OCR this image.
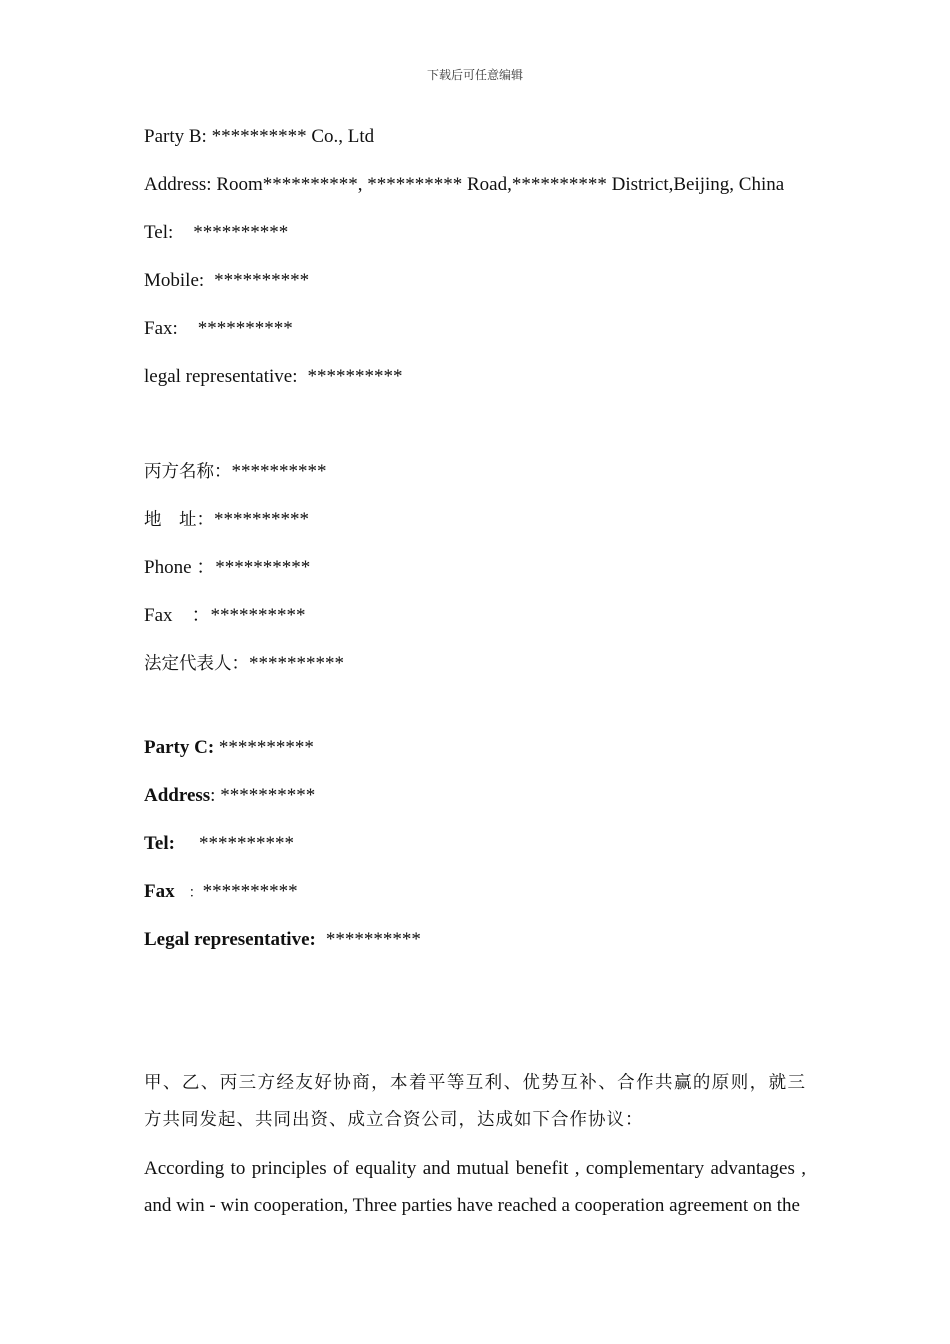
下载后可任意编辑
Party B: ********** Co., Ltd
Address: Room**********, ********** Road,********** District,Beijing, China
Tel: **********
Mobile: **********
Fax: **********
legal representative: **********
丙方名称：**********
地　址：**********
Phone ：**********
Fax　：**********
法定代表人：**********
Party C: **********
Address: **********
Tel: **********
Fax ：**********
Legal representative: **********
甲、乙、丙三方经友好协商，本着平等互利、优势互补、合作共赢的原则，就三方共同发起、共同出资、成立合资公司，达成如下合作协议：
According to principles of equality and mutual benefit , complementary advantages , and win - win cooperation, Three parties have reached a cooperation agreement on the
